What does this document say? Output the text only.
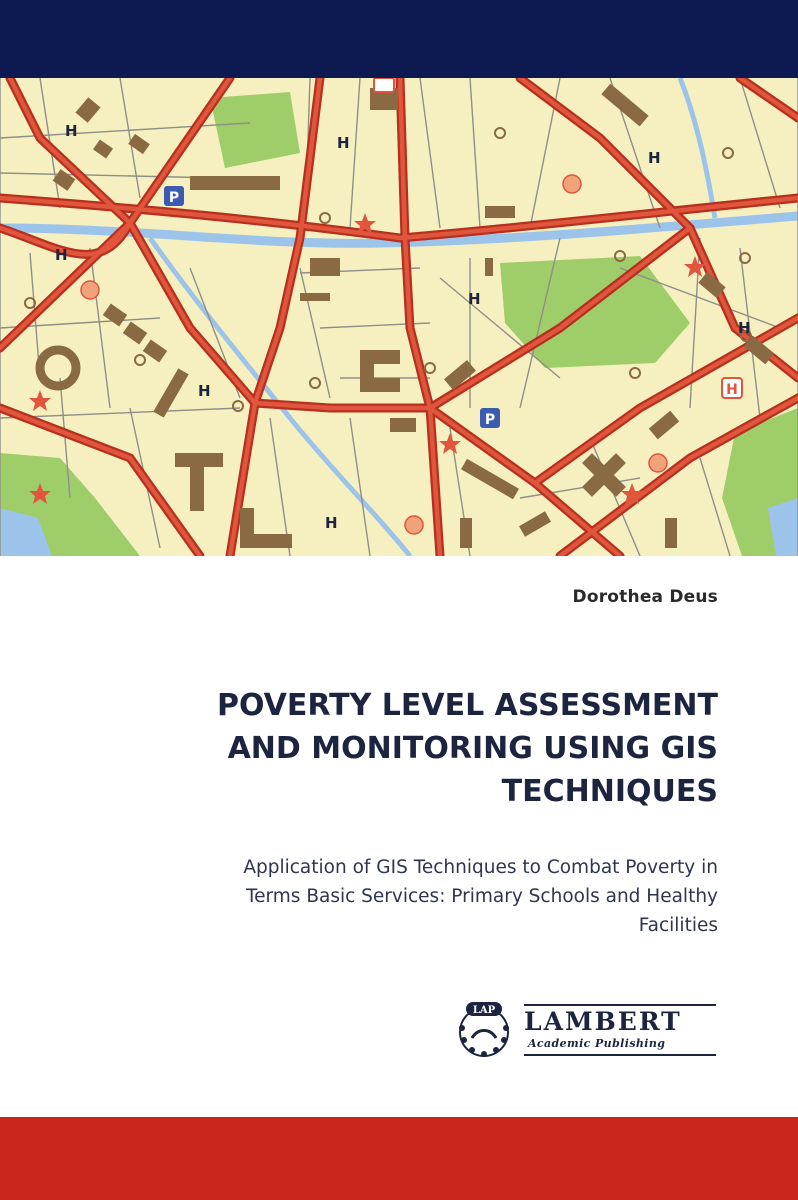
P
P
H
H
H
H
H
H
H
H
H
Dorothea Deus
POVERTY LEVEL ASSESSMENT
AND MONITORING USING GIS
TECHNIQUES
Application of GIS Techniques to Combat Poverty in
Terms Basic Services: Primary Schools and Healthy
Facilities
LAP LAMBERT
Academic Publishing
